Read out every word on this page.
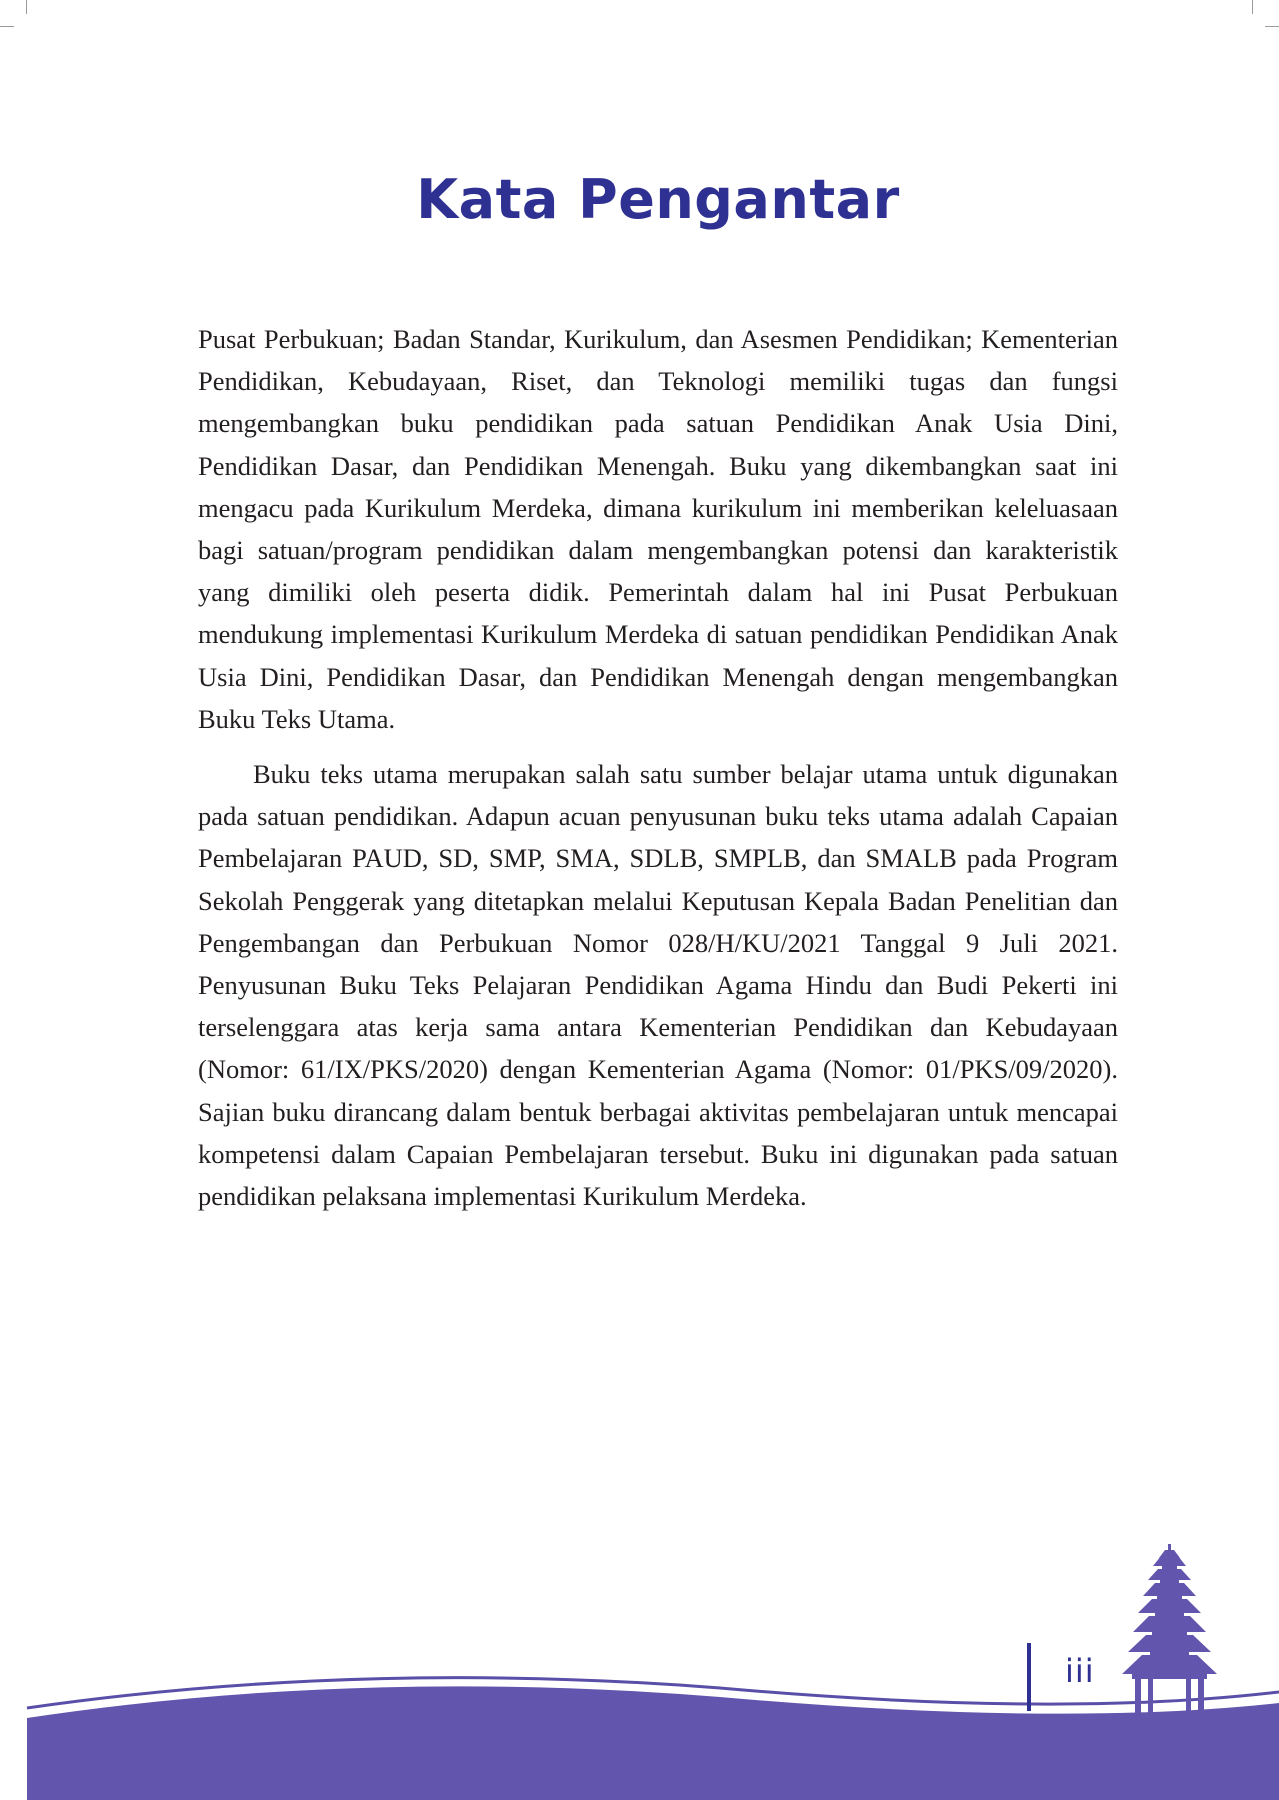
Kata Pengantar

Pusat Perbukuan; Badan Standar, Kurikulum, dan Asesmen Pendidikan; Kementerian Pendidikan, Kebudayaan, Riset, dan Teknologi memiliki tugas dan fungsi mengembangkan buku pendidikan pada satuan Pendidikan Anak Usia Dini, Pendidikan Dasar, dan Pendidikan Menengah. Buku yang dikembangkan saat ini mengacu pada Kurikulum Merdeka, dimana kurikulum ini memberikan keleluasaan bagi satuan/program pendidikan dalam mengembangkan potensi dan karakteristik yang dimiliki oleh peserta didik. Pemerintah dalam hal ini Pusat Perbukuan mendukung implementasi Kurikulum Merdeka di satuan pendidikan Pendidikan Anak Usia Dini, Pendidikan Dasar, dan Pendidikan Menengah dengan mengembangkan Buku Teks Utama.

Buku teks utama merupakan salah satu sumber belajar utama untuk digunakan pada satuan pendidikan. Adapun acuan penyusunan buku teks utama adalah Capaian Pembelajaran PAUD, SD, SMP, SMA, SDLB, SMPLB, dan SMALB pada Program Sekolah Penggerak yang ditetapkan melalui Keputusan Kepala Badan Penelitian dan Pengembangan dan Perbukuan Nomor 028/H/KU/2021 Tanggal 9 Juli 2021. Penyusunan Buku Teks Pelajaran Pendidikan Agama Hindu dan Budi Pekerti ini terselenggara atas kerja sama antara Kementerian Pendidikan dan Kebudayaan (Nomor: 61/IX/PKS/2020) dengan Kementerian Agama (Nomor: 01/PKS/09/2020). Sajian buku dirancang dalam bentuk berbagai aktivitas pembelajaran untuk mencapai kompetensi dalam Capaian Pembelajaran tersebut. Buku ini digunakan pada satuan pendidikan pelaksana implementasi Kurikulum Merdeka.

iii
